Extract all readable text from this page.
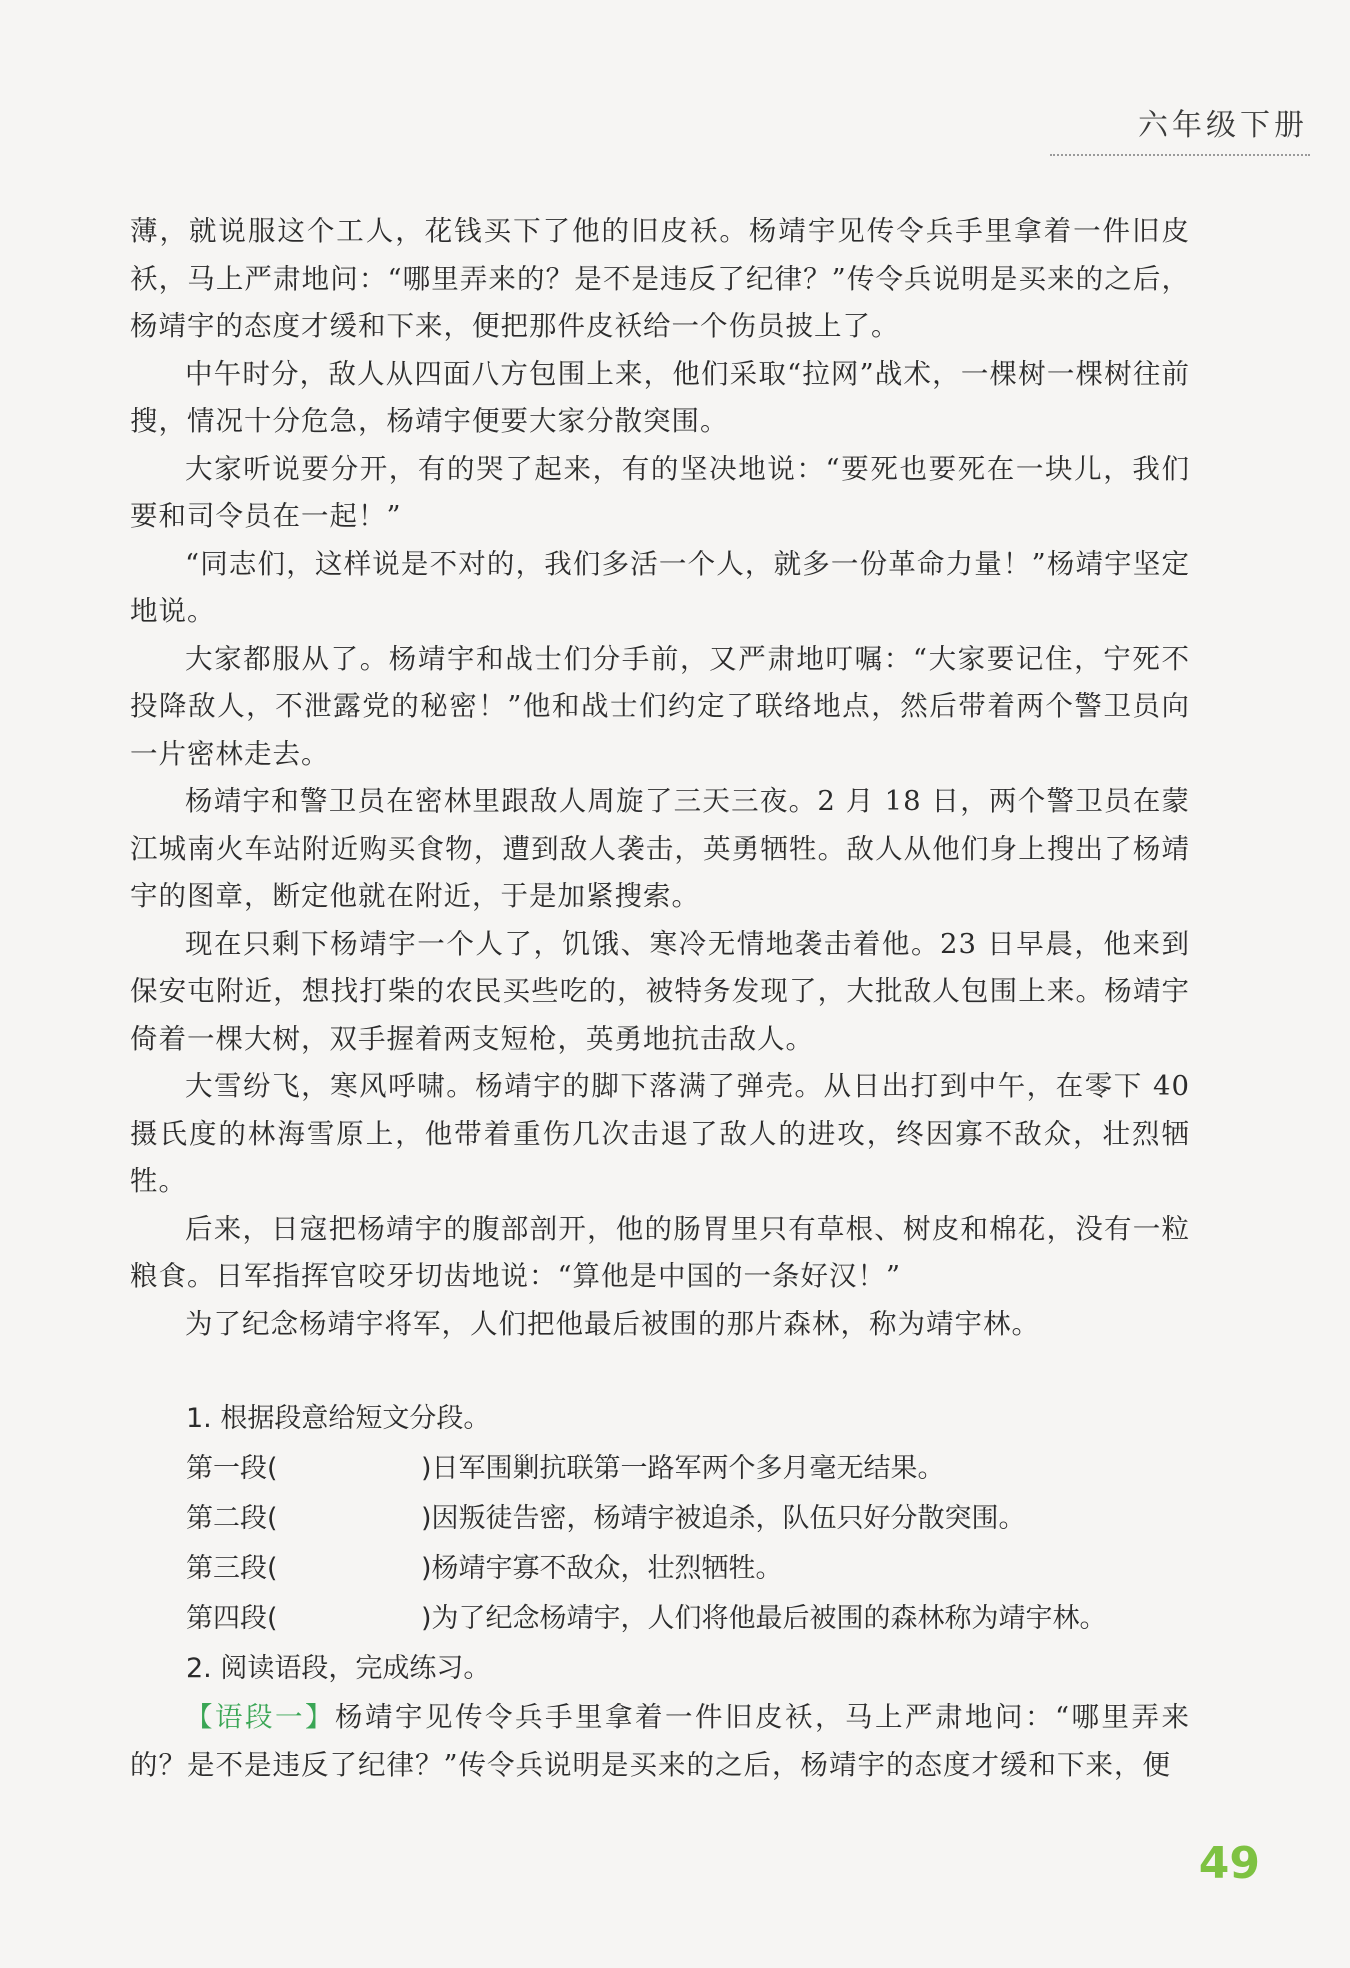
六年级下册

薄，就说服这个工人，花钱买下了他的旧皮袄。杨靖宇见传令兵手里拿着一件旧皮袄，马上严肃地问：“哪里弄来的？是不是违反了纪律？”传令兵说明是买来的之后，杨靖宇的态度才缓和下来，便把那件皮袄给一个伤员披上了。

中午时分，敌人从四面八方包围上来，他们采取“拉网”战术，一棵树一棵树往前搜，情况十分危急，杨靖宇便要大家分散突围。

大家听说要分开，有的哭了起来，有的坚决地说：“要死也要死在一块儿，我们要和司令员在一起！”

“同志们，这样说是不对的，我们多活一个人，就多一份革命力量！”杨靖宇坚定地说。

大家都服从了。杨靖宇和战士们分手前，又严肃地叮嘱：“大家要记住，宁死不投降敌人，不泄露党的秘密！”他和战士们约定了联络地点，然后带着两个警卫员向一片密林走去。

杨靖宇和警卫员在密林里跟敌人周旋了三天三夜。2 月 18 日，两个警卫员在蒙江城南火车站附近购买食物，遭到敌人袭击，英勇牺牲。敌人从他们身上搜出了杨靖宇的图章，断定他就在附近，于是加紧搜索。

现在只剩下杨靖宇一个人了，饥饿、寒冷无情地袭击着他。23 日早晨，他来到保安屯附近，想找打柴的农民买些吃的，被特务发现了，大批敌人包围上来。杨靖宇倚着一棵大树，双手握着两支短枪，英勇地抗击敌人。

大雪纷飞，寒风呼啸。杨靖宇的脚下落满了弹壳。从日出打到中午，在零下 40 摄氏度的林海雪原上，他带着重伤几次击退了敌人的进攻，终因寡不敌众，壮烈牺牲。

后来，日寇把杨靖宇的腹部剖开，他的肠胃里只有草根、树皮和棉花，没有一粒粮食。日军指挥官咬牙切齿地说：“算他是中国的一条好汉！”

为了纪念杨靖宇将军，人们把他最后被围的那片森林，称为靖宇林。

1. 根据段意给短文分段。

第一段(	)日军围剿抗联第一路军两个多月毫无结果。

第二段(	)因叛徒告密，杨靖宇被追杀，队伍只好分散突围。

第三段(	)杨靖宇寡不敌众，壮烈牺牲。

第四段(	)为了纪念杨靖宇，人们将他最后被围的森林称为靖宇林。

2. 阅读语段，完成练习。

【语段一】杨靖宇见传令兵手里拿着一件旧皮袄，马上严肃地问：“哪里弄来的？是不是违反了纪律？”传令兵说明是买来的之后，杨靖宇的态度才缓和下来，便

49
